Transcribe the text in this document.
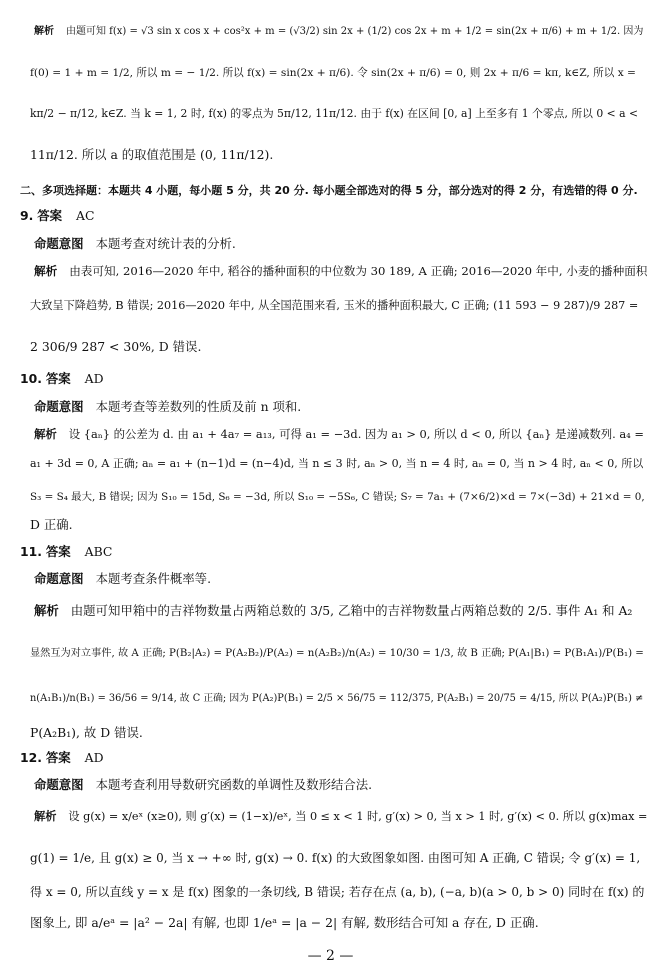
解析 由题可知 f(x) = √3 sin x cos x + cos²x + m = (√3/2) sin 2x + (1/2) cos 2x + m + 1/2 = sin(2x + π/6) + m + 1/2. 因为
f(0) = 1 + m = 1/2, 所以 m = − 1/2. 所以 f(x) = sin(2x + π/6). 令 sin(2x + π/6) = 0, 则 2x + π/6 = kπ, k∈Z, 所以 x =
kπ/2 − π/12, k∈Z. 当 k = 1, 2 时, f(x) 的零点为 5π/12, 11π/12. 由于 f(x) 在区间 [0, a] 上至多有 1 个零点, 所以 0 < a <
11π/12. 所以 a 的取值范围是 (0, 11π/12).
二、多项选择题：本题共 4 小题，每小题 5 分，共 20 分. 每小题全部选对的得 5 分，部分选对的得 2 分，有选错的得 0 分.
9. 答案 AC
命题意图 本题考查对统计表的分析.
解析 由表可知, 2016—2020 年中, 稻谷的播种面积的中位数为 30 189, A 正确; 2016—2020 年中, 小麦的播种面积
大致呈下降趋势, B 错误; 2016—2020 年中, 从全国范围来看, 玉米的播种面积最大, C 正确; (11 593 − 9 287)/9 287 =
2 306/9 287 < 30%, D 错误.
10. 答案 AD
命题意图 本题考查等差数列的性质及前 n 项和.
解析 设 {aₙ} 的公差为 d. 由 a₁ + 4a₇ = a₁₃, 可得 a₁ = −3d. 因为 a₁ > 0, 所以 d < 0, 所以 {aₙ} 是递减数列. a₄ =
a₁ + 3d = 0, A 正确; aₙ = a₁ + (n−1)d = (n−4)d, 当 n ≤ 3 时, aₙ > 0, 当 n = 4 时, aₙ = 0, 当 n > 4 时, aₙ < 0, 所以
S₃ = S₄ 最大, B 错误; 因为 S₁₀ = 15d, S₆ = −3d, 所以 S₁₀ = −5S₆, C 错误; S₇ = 7a₁ + (7×6/2)×d = 7×(−3d) + 21×d = 0,
D 正确.
11. 答案 ABC
命题意图 本题考查条件概率等.
解析 由题可知甲箱中的吉祥物数量占两箱总数的 3/5, 乙箱中的吉祥物数量占两箱总数的 2/5. 事件 A₁ 和 A₂
显然互为对立事件, 故 A 正确; P(B₂|A₂) = P(A₂B₂)/P(A₂) = n(A₂B₂)/n(A₂) = 10/30 = 1/3, 故 B 正确; P(A₁|B₁) = P(B₁A₁)/P(B₁) =
n(A₁B₁)/n(B₁) = 36/56 = 9/14, 故 C 正确; 因为 P(A₂)P(B₁) = 2/5 × 56/75 = 112/375, P(A₂B₁) = 20/75 = 4/15, 所以 P(A₂)P(B₁) ≠
P(A₂B₁), 故 D 错误.
12. 答案 AD
命题意图 本题考查利用导数研究函数的单调性及数形结合法.
解析 设 g(x) = x/eˣ (x≥0), 则 g′(x) = (1−x)/eˣ, 当 0 ≤ x < 1 时, g′(x) > 0, 当 x > 1 时, g′(x) < 0. 所以 g(x)max =
g(1) = 1/e, 且 g(x) ≥ 0, 当 x → +∞ 时, g(x) → 0. f(x) 的大致图象如图. 由图可知 A 正确, C 错误; 令 g′(x) = 1,
得 x = 0, 所以直线 y = x 是 f(x) 图象的一条切线, B 错误; 若存在点 (a, b), (−a, b)(a > 0, b > 0) 同时在 f(x) 的
图象上, 即 a/eᵃ = |a² − 2a| 有解, 也即 1/eᵃ = |a − 2| 有解, 数形结合可知 a 存在, D 正确.
— 2 —
